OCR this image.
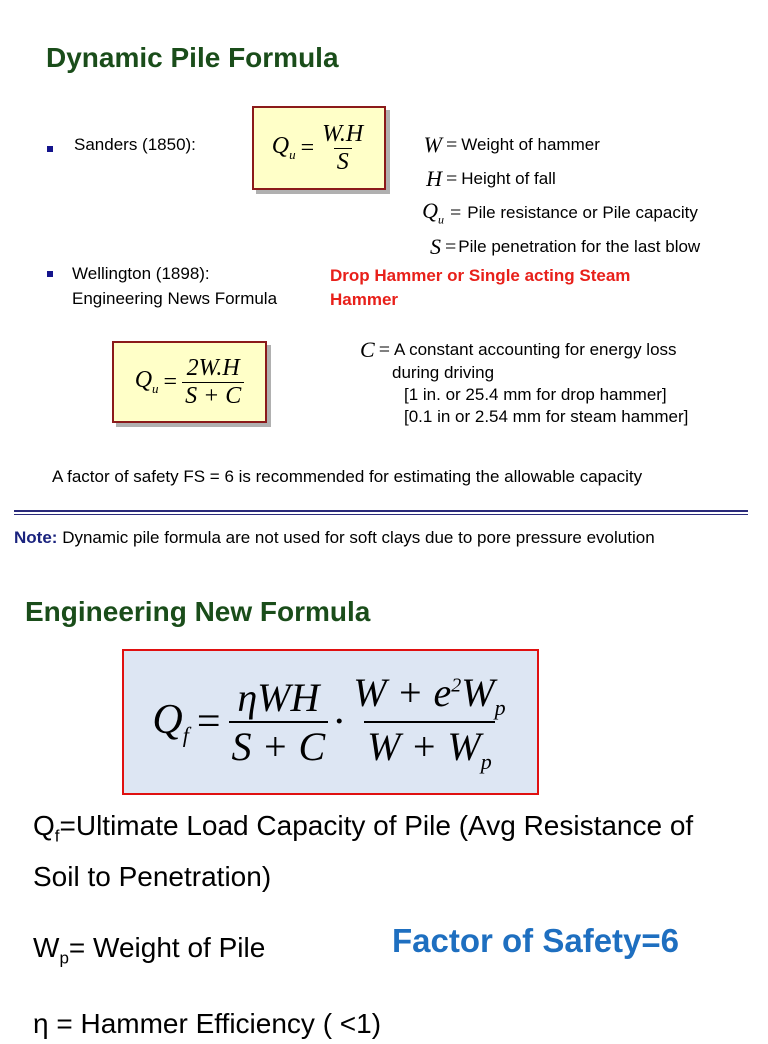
Dynamic Pile Formula
Sanders (1850):	$Q_u = \frac{W.H}{S}$	W = Weight of hammer
H = Height of fall
$Q_u$ = Pile resistance or Pile capacity
S = Pile penetration for the last blow
Wellington (1898):
Engineering News Formula
Drop Hammer or Single acting Steam
Hammer
$Q_u = \frac{2W.H}{S + C}$
C = A constant accounting for energy loss
during driving
[1 in. or 25.4 mm for drop hammer]
[0.1 in or 2.54 mm for steam hammer]
A factor of safety FS = 6 is recommended for estimating the allowable capacity
Note: Dynamic pile formula are not used for soft clays due to pore pressure evolution
Engineering New Formula
$Q_f = \frac{\text{ηWH}}{S + C} \cdot \frac{W + e^2W_p}{W + W_p}$
$Q_f=Ultimate$ Load Capacity of Pile (Avg Resistance of
Soil to Penetration)
$W_p=$ Weight of Pile	Factor of Safety=6
η = Hammer Efficiency ( <1)
